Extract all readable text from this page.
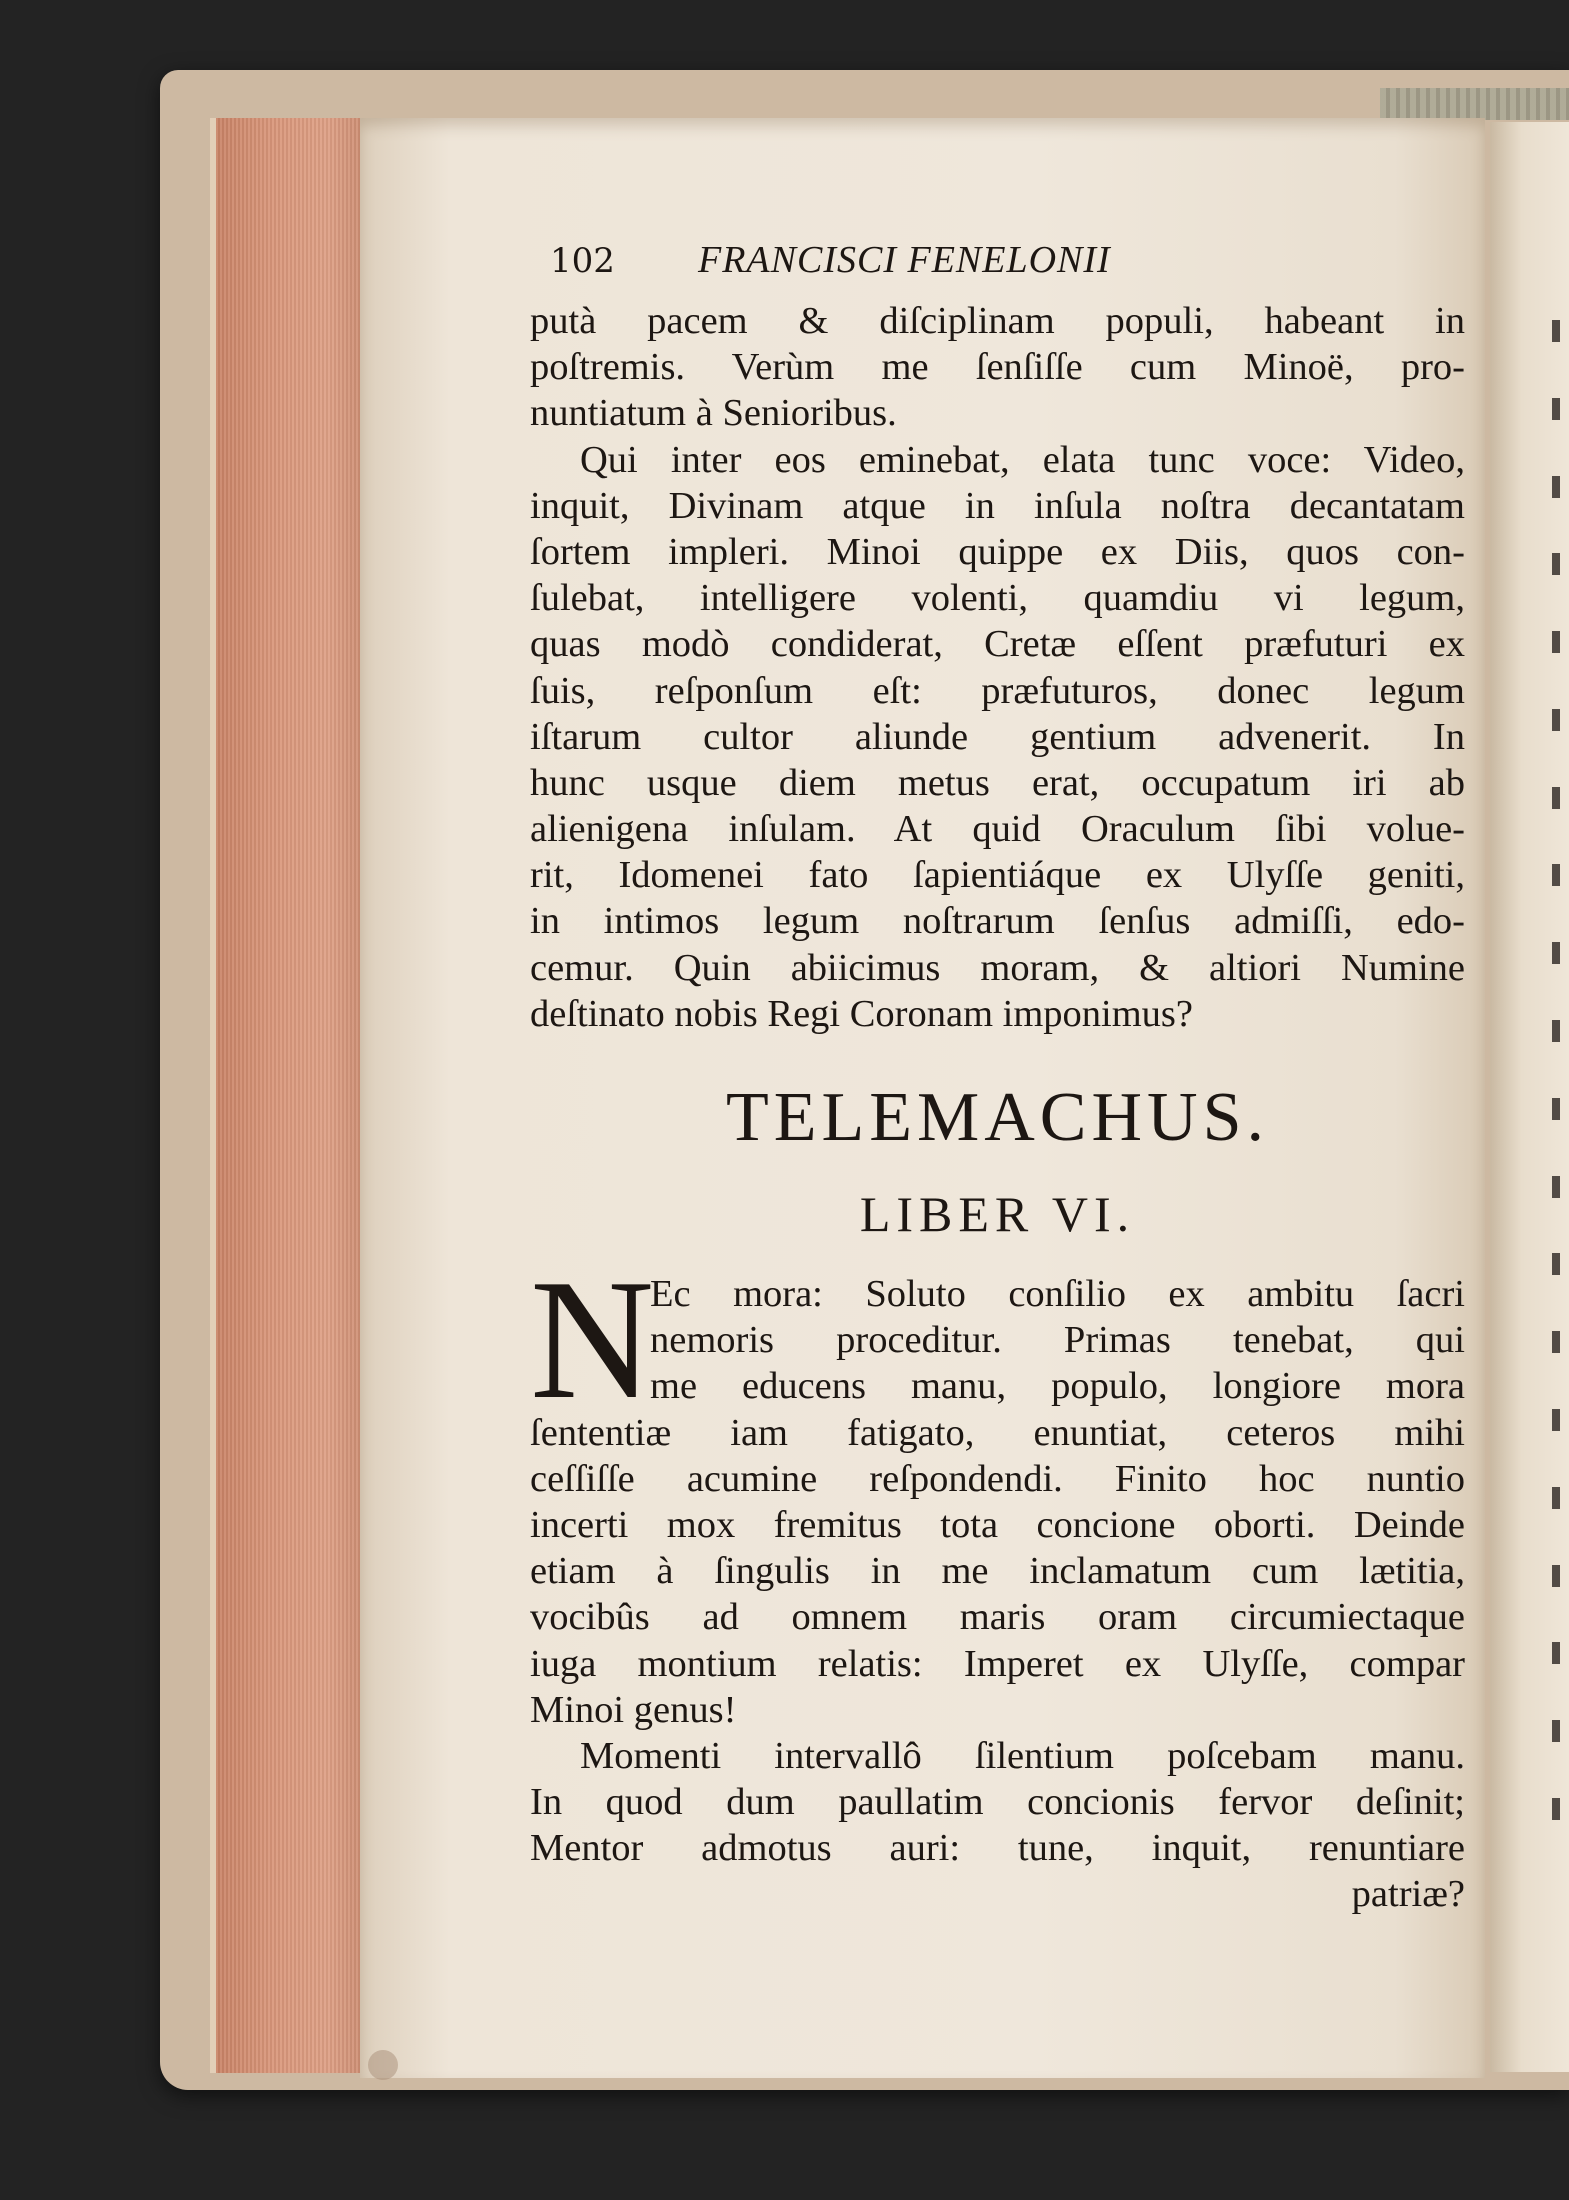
102	FRANCISCI FENELONII
putà pacem & diſciplinam populi, habeant in
poſtremis. Verùm me ſenſiſſe cum Minoë, pro-
nuntiatum à Senioribus.
Qui inter eos eminebat, elata tunc voce: Video,
inquit, Divinam atque in inſula noſtra decantatam
ſortem impleri. Minoi quippe ex Diis, quos con-
ſulebat, intelligere volenti, quamdiu vi legum,
quas modò condiderat, Cretæ eſſent præfuturi ex
ſuis, reſponſum eſt: præfuturos, donec legum
iſtarum cultor aliunde gentium advenerit. In
hunc usque diem metus erat, occupatum iri ab
alienigena inſulam. At quid Oraculum ſibi volue-
rit, Idomenei fato ſapientiáque ex Ulyſſe geniti,
in intimos legum noſtrarum ſenſus admiſſi, edo-
cemur. Quin abiicimus moram, & altiori Numine
deſtinato nobis Regi Coronam imponimus?
TELEMACHUS.
LIBER VI.
N
Ec mora: Soluto conſilio ex ambitu ſacri
nemoris proceditur. Primas tenebat, qui
me educens manu, populo, longiore mora
ſententiæ iam fatigato, enuntiat, ceteros mihi
ceſſiſſe acumine reſpondendi. Finito hoc nuntio
incerti mox fremitus tota concione oborti. Deinde
etiam à ſingulis in me inclamatum cum lætitia,
vocibûs ad omnem maris oram circumiectaque
iuga montium relatis: Imperet ex Ulyſſe, compar
Minoi genus!
Momenti intervallô ſilentium poſcebam manu.
In quod dum paullatim concionis fervor deſinit;
Mentor admotus auri: tune, inquit, renuntiare
patriæ?
